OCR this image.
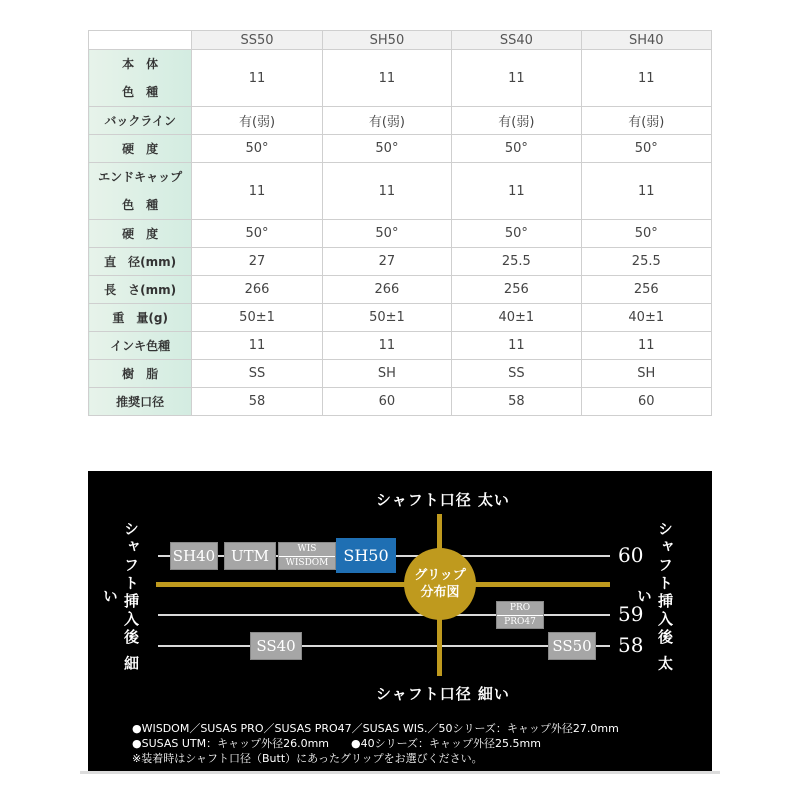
	SS50	SH50	SS40	SH40

本　体
色　種	11	11	11	11
バックライン	有(弱)	有(弱)	有(弱)	有(弱)
硬　度	50°	50°	50°	50°

エンドキャップ
色　種	11	11	11	11
硬　度	50°	50°	50°	50°
直　径(mm)	27	27	25.5	25.5
長　さ(mm)	266	266	256	256
重　量(g)	50±1	50±1	40±1	40±1
インキ色種	11	11	11	11
樹　脂	SS	SH	SS	SH
推奨口径	58	60	58	60
シャフト口径 太い
シャフト口径 細い
シャフト挿入後 細い	シャフト挿入後 太い
60
59
58
SH40	UTM	WIS
WISDOM SH50
PRO
PRO47
SS40	SS50
グリップ
分布図
●WISDOM／SUSAS PRO／SUSAS PRO47／SUSAS WIS.／50シリーズ：キャップ外径27.0mm
●SUSAS UTM：キャップ外径26.0mm　　●40シリーズ：キャップ外径25.5mm
※装着時はシャフト口径（Butt）にあったグリップをお選びください。
